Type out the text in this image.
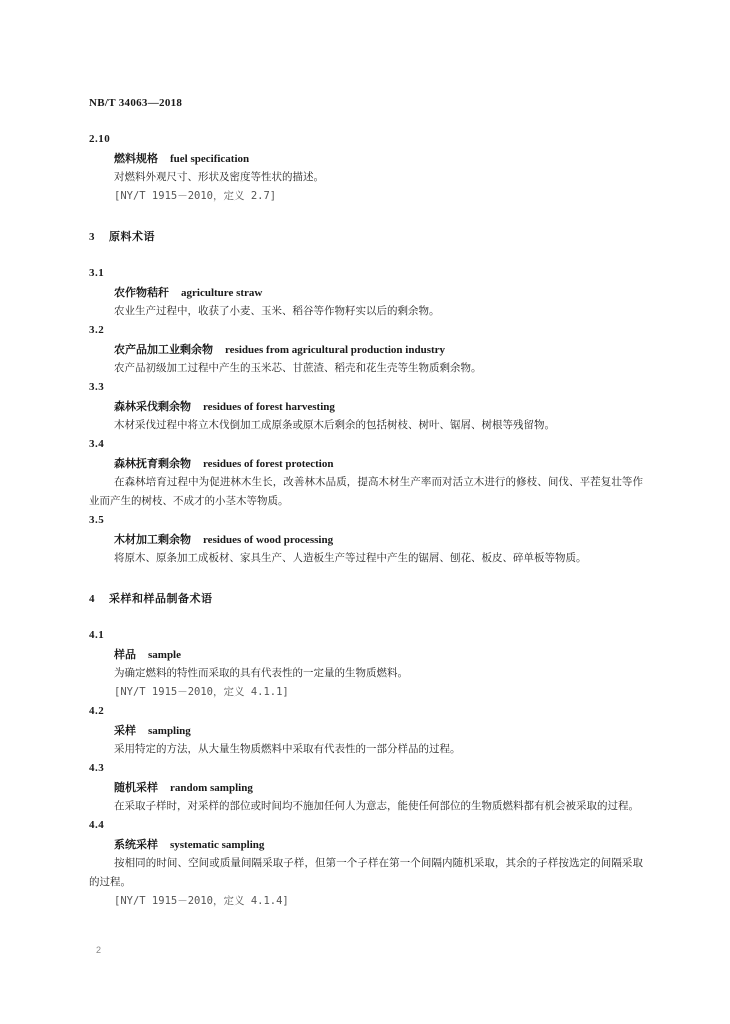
NB/T 34063—2018
2.10
燃料规格 fuel specification
对燃料外观尺寸、形状及密度等性状的描述。
[NY/T 1915－2010，定义 2.7]
3 原料术语
3.1
农作物秸秆 agriculture straw
农业生产过程中，收获了小麦、玉米、稻谷等作物籽实以后的剩余物。
3.2
农产品加工业剩余物 residues from agricultural production industry
农产品初级加工过程中产生的玉米芯、甘蔗渣、稻壳和花生壳等生物质剩余物。
3.3
森林采伐剩余物 residues of forest harvesting
木材采伐过程中将立木伐倒加工成原条或原木后剩余的包括树枝、树叶、锯屑、树根等残留物。
3.4
森林抚育剩余物 residues of forest protection
在森林培育过程中为促进林木生长，改善林木品质，提高木材生产率而对活立木进行的修枝、间伐、平茬复壮等作业而产生的树枝、不成才的小茎木等物质。
3.5
木材加工剩余物 residues of wood processing
将原木、原条加工成板材、家具生产、人造板生产等过程中产生的锯屑、刨花、板皮、碎单板等物质。
4 采样和样品制备术语
4.1
样品 sample
为确定燃料的特性而采取的具有代表性的一定量的生物质燃料。
[NY/T 1915－2010，定义 4.1.1]
4.2
采样 sampling
采用特定的方法，从大量生物质燃料中采取有代表性的一部分样品的过程。
4.3
随机采样 random sampling
在采取子样时，对采样的部位或时间均不施加任何人为意志，能使任何部位的生物质燃料都有机会被采取的过程。
4.4
系统采样 systematic sampling
按相同的时间、空间或质量间隔采取子样，但第一个子样在第一个间隔内随机采取，其余的子样按选定的间隔采取的过程。
[NY/T 1915－2010，定义 4.1.4]
2
